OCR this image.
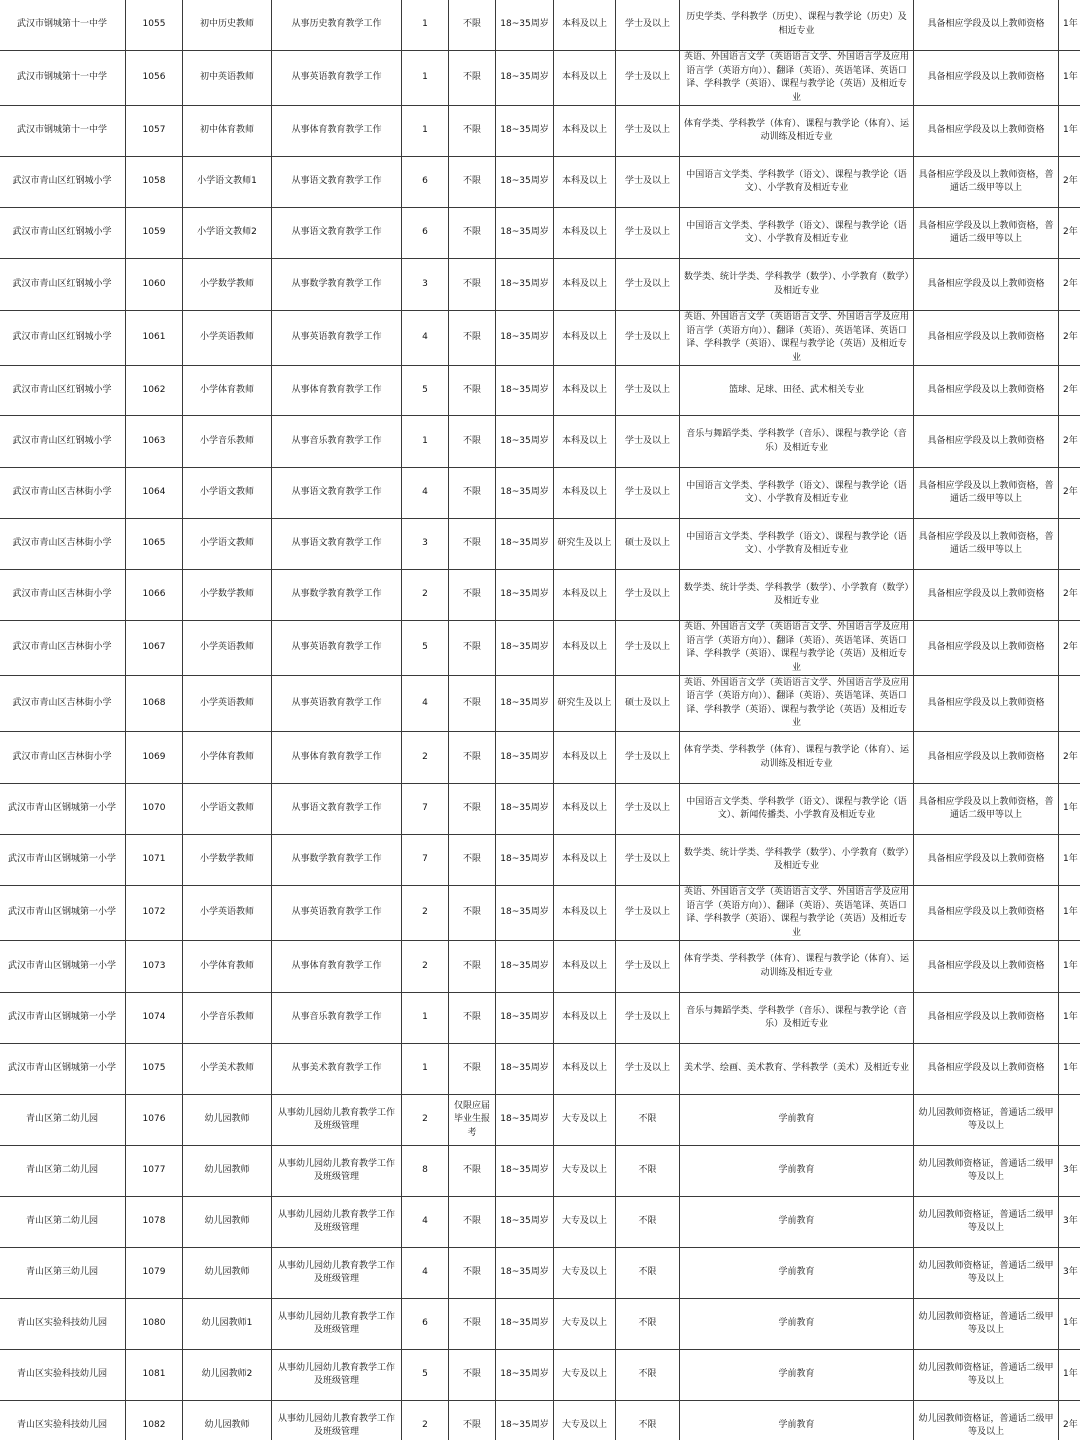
武汉市钢城第十一中学	1055	初中历史教师	从事历史教育教学工作	1	不限	18~35周岁	本科及以上	学士及以上	历史学类、学科教学（历史）、课程与教学论（历史）及相近专业	具备相应学段及以上教师资格	1年
武汉市钢城第十一中学	1056	初中英语教师	从事英语教育教学工作	1	不限	18~35周岁	本科及以上	学士及以上	英语、外国语言文学（英语语言文学、外国语言学及应用语言学（英语方向））、翻译（英语）、英语笔译、英语口译、学科教学（英语）、课程与教学论（英语）及相近专业	具备相应学段及以上教师资格	1年
武汉市钢城第十一中学	1057	初中体育教师	从事体育教育教学工作	1	不限	18~35周岁	本科及以上	学士及以上	体育学类、学科教学（体育）、课程与教学论（体育）、运动训练及相近专业	具备相应学段及以上教师资格	1年
武汉市青山区红钢城小学	1058	小学语文教师1	从事语文教育教学工作	6	不限	18~35周岁	本科及以上	学士及以上	中国语言文学类、学科教学（语文）、课程与教学论（语文）、小学教育及相近专业	具备相应学段及以上教师资格，普通话二级甲等以上	2年
武汉市青山区红钢城小学	1059	小学语文教师2	从事语文教育教学工作	6	不限	18~35周岁	本科及以上	学士及以上	中国语言文学类、学科教学（语文）、课程与教学论（语文）、小学教育及相近专业	具备相应学段及以上教师资格，普通话二级甲等以上	2年
武汉市青山区红钢城小学	1060	小学数学教师	从事数学教育教学工作	3	不限	18~35周岁	本科及以上	学士及以上	数学类、统计学类、学科教学（数学）、小学教育（数学）及相近专业	具备相应学段及以上教师资格	2年
武汉市青山区红钢城小学	1061	小学英语教师	从事英语教育教学工作	4	不限	18~35周岁	本科及以上	学士及以上	英语、外国语言文学（英语语言文学、外国语言学及应用语言学（英语方向））、翻译（英语）、英语笔译、英语口译、学科教学（英语）、课程与教学论（英语）及相近专业	具备相应学段及以上教师资格	2年
武汉市青山区红钢城小学	1062	小学体育教师	从事体育教育教学工作	5	不限	18~35周岁	本科及以上	学士及以上	篮球、足球、田径、武术相关专业	具备相应学段及以上教师资格	2年
武汉市青山区红钢城小学	1063	小学音乐教师	从事音乐教育教学工作	1	不限	18~35周岁	本科及以上	学士及以上	音乐与舞蹈学类、学科教学（音乐）、课程与教学论（音乐）及相近专业	具备相应学段及以上教师资格	2年
武汉市青山区吉林街小学	1064	小学语文教师	从事语文教育教学工作	4	不限	18~35周岁	本科及以上	学士及以上	中国语言文学类、学科教学（语文）、课程与教学论（语文）、小学教育及相近专业	具备相应学段及以上教师资格，普通话二级甲等以上	2年
武汉市青山区吉林街小学	1065	小学语文教师	从事语文教育教学工作	3	不限	18~35周岁	研究生及以上	硕士及以上	中国语言文学类、学科教学（语文）、课程与教学论（语文）、小学教育及相近专业	具备相应学段及以上教师资格，普通话二级甲等以上	
武汉市青山区吉林街小学	1066	小学数学教师	从事数学教育教学工作	2	不限	18~35周岁	本科及以上	学士及以上	数学类、统计学类、学科教学（数学）、小学教育（数学）及相近专业	具备相应学段及以上教师资格	2年
武汉市青山区吉林街小学	1067	小学英语教师	从事英语教育教学工作	5	不限	18~35周岁	本科及以上	学士及以上	英语、外国语言文学（英语语言文学、外国语言学及应用语言学（英语方向））、翻译（英语）、英语笔译、英语口译、学科教学（英语）、课程与教学论（英语）及相近专业	具备相应学段及以上教师资格	2年
武汉市青山区吉林街小学	1068	小学英语教师	从事英语教育教学工作	4	不限	18~35周岁	研究生及以上	硕士及以上	英语、外国语言文学（英语语言文学、外国语言学及应用语言学（英语方向））、翻译（英语）、英语笔译、英语口译、学科教学（英语）、课程与教学论（英语）及相近专业	具备相应学段及以上教师资格	
武汉市青山区吉林街小学	1069	小学体育教师	从事体育教育教学工作	2	不限	18~35周岁	本科及以上	学士及以上	体育学类、学科教学（体育）、课程与教学论（体育）、运动训练及相近专业	具备相应学段及以上教师资格	2年
武汉市青山区钢城第一小学	1070	小学语文教师	从事语文教育教学工作	7	不限	18~35周岁	本科及以上	学士及以上	中国语言文学类、学科教学（语文）、课程与教学论（语文）、新闻传播类、小学教育及相近专业	具备相应学段及以上教师资格，普通话二级甲等以上	1年
武汉市青山区钢城第一小学	1071	小学数学教师	从事数学教育教学工作	7	不限	18~35周岁	本科及以上	学士及以上	数学类、统计学类、学科教学（数学）、小学教育（数学）及相近专业	具备相应学段及以上教师资格	1年
武汉市青山区钢城第一小学	1072	小学英语教师	从事英语教育教学工作	2	不限	18~35周岁	本科及以上	学士及以上	英语、外国语言文学（英语语言文学、外国语言学及应用语言学（英语方向））、翻译（英语）、英语笔译、英语口译、学科教学（英语）、课程与教学论（英语）及相近专业	具备相应学段及以上教师资格	1年
武汉市青山区钢城第一小学	1073	小学体育教师	从事体育教育教学工作	2	不限	18~35周岁	本科及以上	学士及以上	体育学类、学科教学（体育）、课程与教学论（体育）、运动训练及相近专业	具备相应学段及以上教师资格	1年
武汉市青山区钢城第一小学	1074	小学音乐教师	从事音乐教育教学工作	1	不限	18~35周岁	本科及以上	学士及以上	音乐与舞蹈学类、学科教学（音乐）、课程与教学论（音乐）及相近专业	具备相应学段及以上教师资格	1年
武汉市青山区钢城第一小学	1075	小学美术教师	从事美术教育教学工作	1	不限	18~35周岁	本科及以上	学士及以上	美术学、绘画、美术教育、学科教学（美术）及相近专业	具备相应学段及以上教师资格	1年
青山区第二幼儿园	1076	幼儿园教师	从事幼儿园幼儿教育教学工作及班级管理	2	仅限应届毕业生报考	18~35周岁	大专及以上	不限	学前教育	幼儿园教师资格证，普通话二级甲等及以上	
青山区第二幼儿园	1077	幼儿园教师	从事幼儿园幼儿教育教学工作及班级管理	8	不限	18~35周岁	大专及以上	不限	学前教育	幼儿园教师资格证，普通话二级甲等及以上	3年
青山区第二幼儿园	1078	幼儿园教师	从事幼儿园幼儿教育教学工作及班级管理	4	不限	18~35周岁	大专及以上	不限	学前教育	幼儿园教师资格证，普通话二级甲等及以上	3年
青山区第三幼儿园	1079	幼儿园教师	从事幼儿园幼儿教育教学工作及班级管理	4	不限	18~35周岁	大专及以上	不限	学前教育	幼儿园教师资格证，普通话二级甲等及以上	3年
青山区实验科技幼儿园	1080	幼儿园教师1	从事幼儿园幼儿教育教学工作及班级管理	6	不限	18~35周岁	大专及以上	不限	学前教育	幼儿园教师资格证，普通话二级甲等及以上	1年
青山区实验科技幼儿园	1081	幼儿园教师2	从事幼儿园幼儿教育教学工作及班级管理	5	不限	18~35周岁	大专及以上	不限	学前教育	幼儿园教师资格证，普通话二级甲等及以上	1年
青山区实验科技幼儿园	1082	幼儿园教师	从事幼儿园幼儿教育教学工作及班级管理	2	不限	18~35周岁	大专及以上	不限	学前教育	幼儿园教师资格证，普通话二级甲等及以上	2年
